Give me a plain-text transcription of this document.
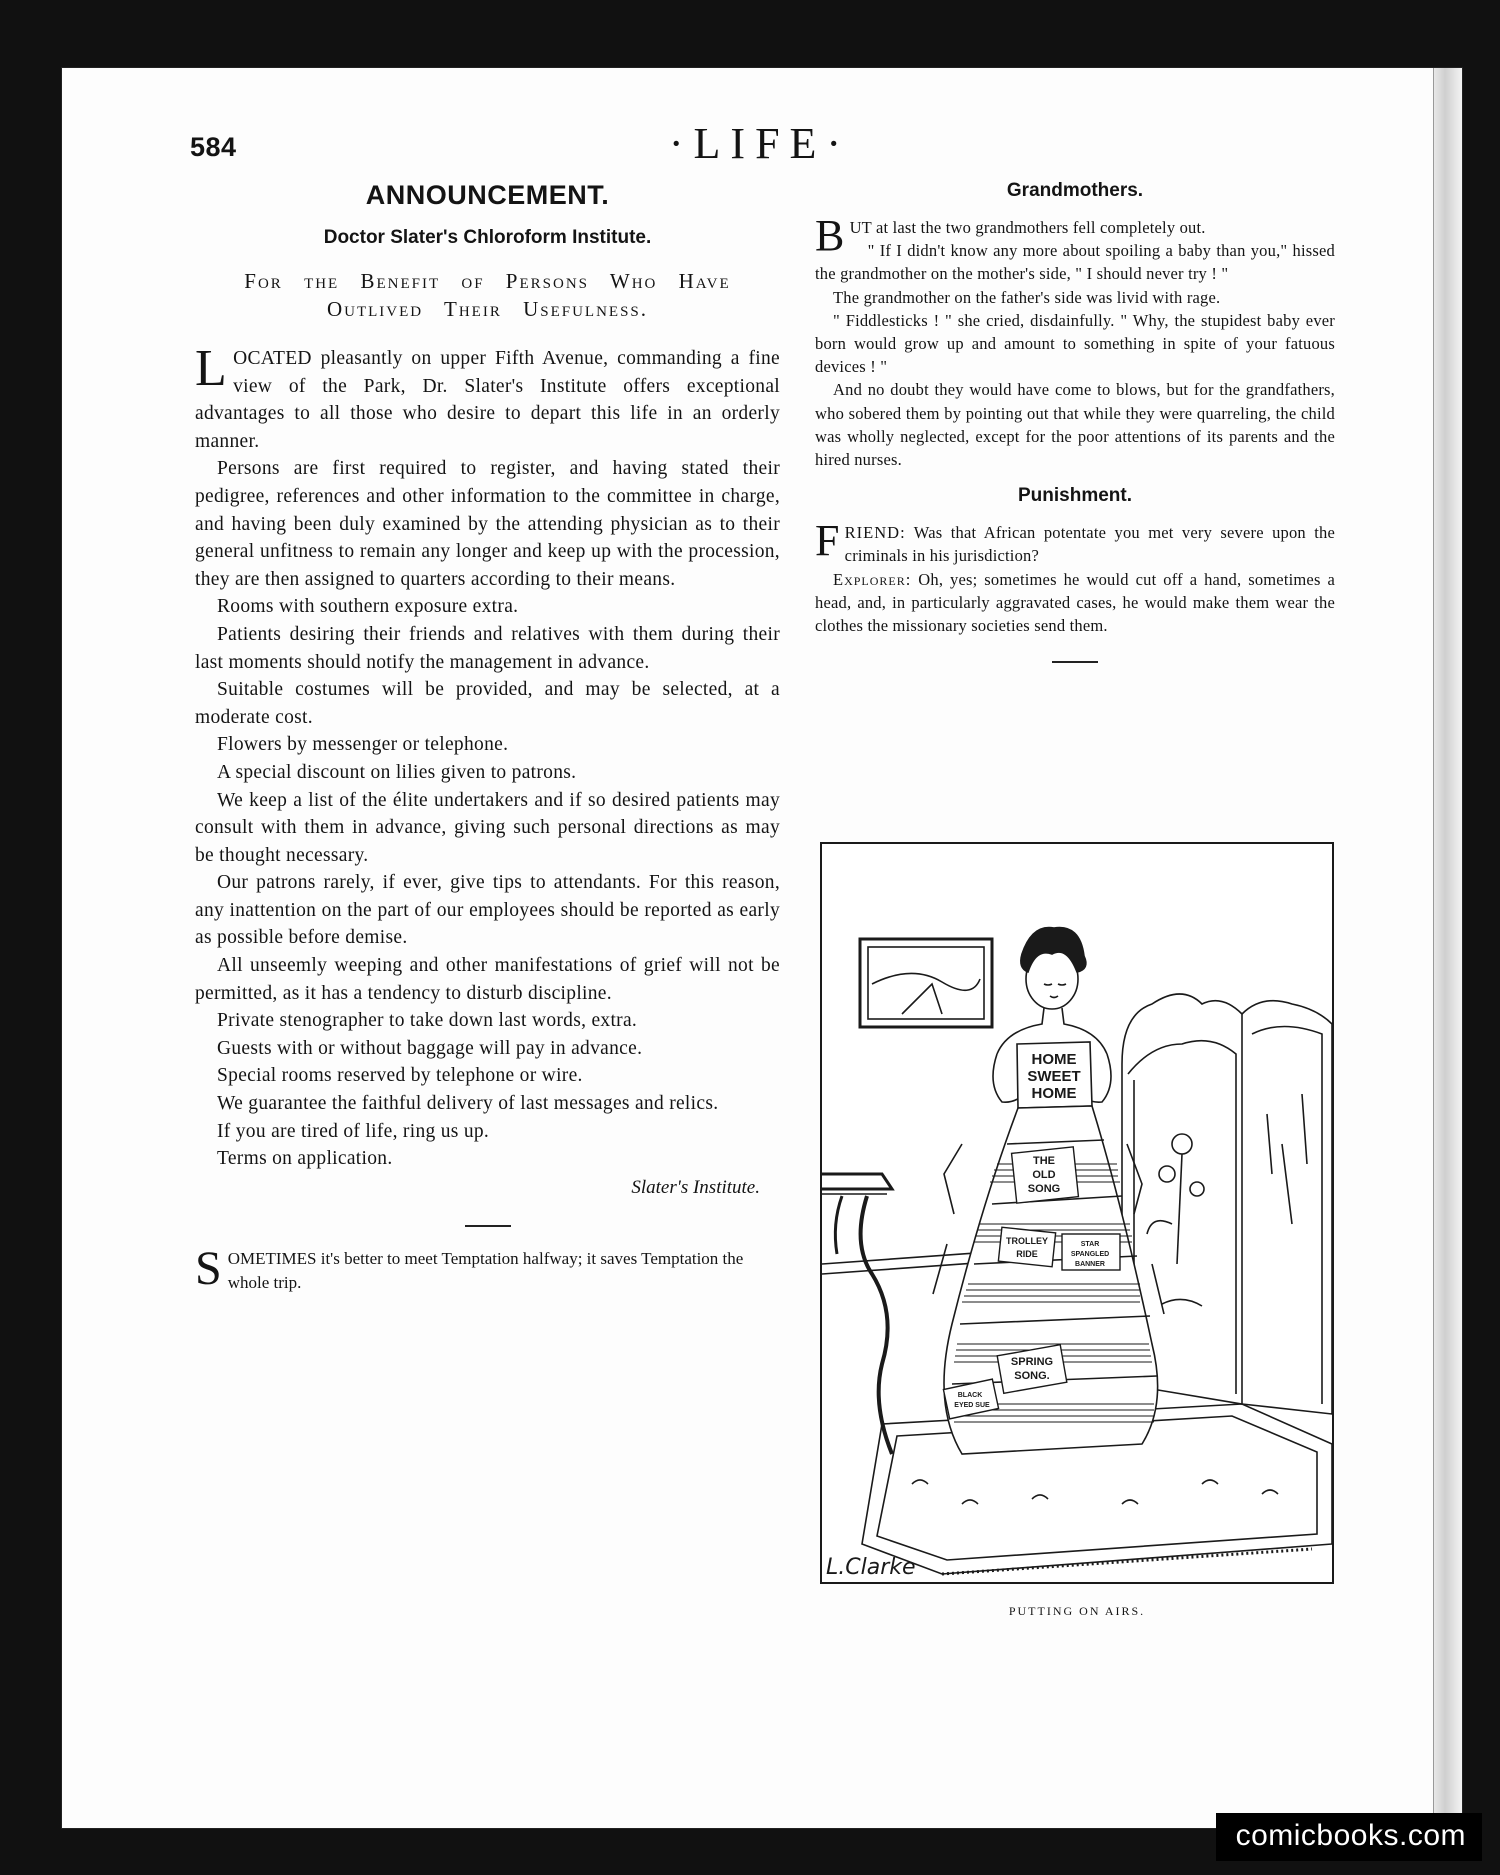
584	·LIFE·
ANNOUNCEMENT.
Doctor Slater's Chloroform Institute.
For the Benefit of Persons Who Have
Outlived Their Usefulness.

LOCATED pleasantly on upper Fifth Avenue, commanding a fine view of the Park, Dr. Slater's Institute offers exceptional advantages to all those who desire to depart this life in an orderly manner.

Persons are first required to register, and having stated their pedigree, references and other information to the committee in charge, and having been duly examined by the attending physician as to their general unfitness to remain any longer and keep up with the procession, they are then assigned to quarters according to their means.

Rooms with southern exposure extra.

Patients desiring their friends and relatives with them during their last moments should notify the management in advance.

Suitable costumes will be provided, and may be selected, at a moderate cost.

Flowers by messenger or telephone.

A special discount on lilies given to patrons.

We keep a list of the élite undertakers and if so desired patients may consult with them in advance, giving such personal directions as may be thought necessary.

Our patrons rarely, if ever, give tips to attendants. For this reason, any inattention on the part of our employees should be reported as early as possible before demise.

All unseemly weeping and other manifestations of grief will not be permitted, as it has a tendency to disturb discipline.

Private stenographer to take down last words, extra.

Guests with or without baggage will pay in advance.

Special rooms reserved by telephone or wire.

We guarantee the faithful delivery of last messages and relics.

If you are tired of life, ring us up.

Terms on application.

Slater's Institute.

SOMETIMES it's better to meet Temptation halfway; it saves Temptation the whole trip.

Grandmothers.

BUT at last the two grandmothers fell completely out.

" If I didn't know any more about spoiling a baby than you," hissed the grandmother on the mother's side, " I should never try ! "

The grandmother on the father's side was livid with rage.

" Fiddlesticks ! " she cried, disdainfully. " Why, the stupidest baby ever born would grow up and amount to something in spite of your fatuous devices ! "

And no doubt they would have come to blows, but for the grandfathers, who sobered them by pointing out that while they were quarreling, the child was wholly neglected, except for the poor attentions of its parents and the hired nurses.

Punishment.

FRIEND: Was that African potentate you met very severe upon the criminals in his jurisdiction?

Explorer: Oh, yes; sometimes he would cut off a hand, sometimes a head, and, in particularly aggravated cases, he would make them wear the clothes the missionary societies send them.

HOME
SWEET
HOME
THE
OLD
SONG
TROLLEY
RIDE
STAR
SPANGLED
BANNER
SPRING
SONG.
BLACK
EYED SUE
L.Clarke
PUTTING ON AIRS.
comicbooks.com
